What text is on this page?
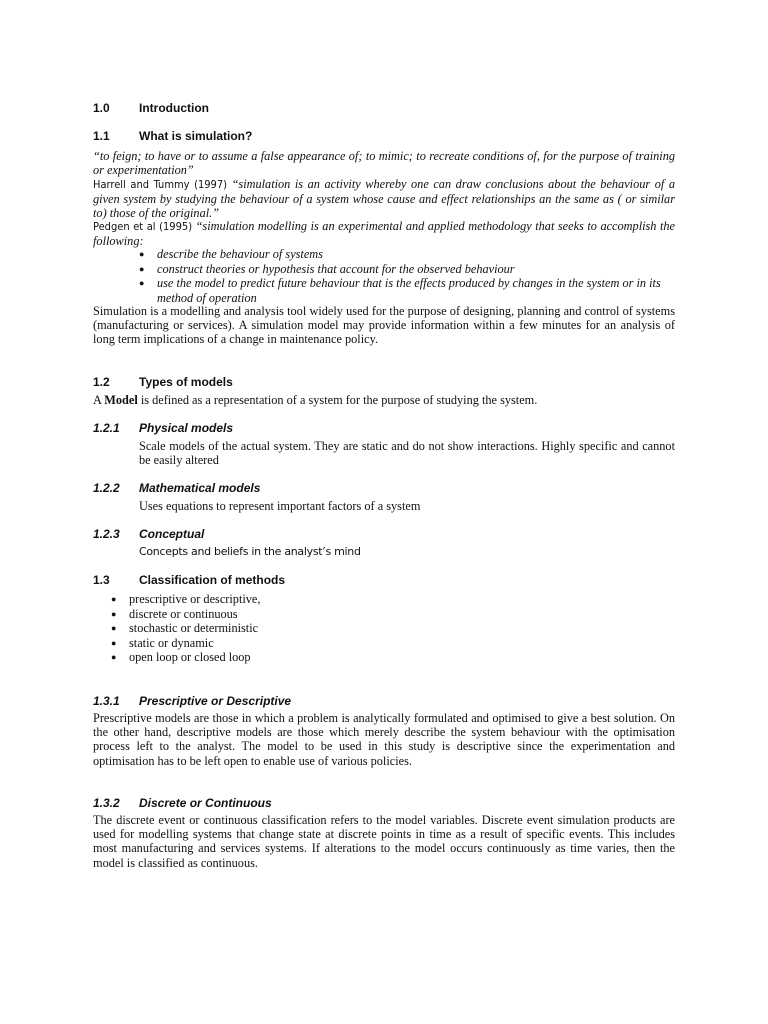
1.0 Introduction
1.1 What is simulation?
“to feign; to have or to assume a false appearance of; to mimic; to recreate conditions of, for the purpose of training or experimentation”
Harrell and Tummy (1997) “simulation is an activity whereby one can draw conclusions about the behaviour of a given system by studying the behaviour of a system whose cause and effect relationships an the same as ( or similar to) those of the original.”
Pedgen et al (1995) “simulation modelling is an experimental and applied methodology that seeks to accomplish the following:
● describe the behaviour of systems
● construct theories or hypothesis that account for the observed behaviour
● use the model to predict future behaviour that is the effects produced by changes in the system or in its method of operation
Simulation is a modelling and analysis tool widely used for the purpose of designing, planning and control of systems (manufacturing or services). A simulation model may provide information within a few minutes for an analysis of long term implications of a change in maintenance policy.
1.2 Types of models
A Model is defined as a representation of a system for the purpose of studying the system.
1.2.1 Physical models
Scale models of the actual system. They are static and do not show interactions. Highly specific and cannot be easily altered
1.2.2 Mathematical models
Uses equations to represent important factors of a system
1.2.3 Conceptual
Concepts and beliefs in the analyst’s mind
1.3 Classification of methods
● prescriptive or descriptive,
● discrete or continuous
● stochastic or deterministic
● static or dynamic
● open loop or closed loop
1.3.1 Prescriptive or Descriptive
Prescriptive models are those in which a problem is analytically formulated and optimised to give a best solution. On the other hand, descriptive models are those which merely describe the system behaviour with the optimisation process left to the analyst. The model to be used in this study is descriptive since the experimentation and optimisation has to be left open to enable use of various policies.
1.3.2 Discrete or Continuous
The discrete event or continuous classification refers to the model variables. Discrete event simulation products are used for modelling systems that change state at discrete points in time as a result of specific events. This includes most manufacturing and services systems. If alterations to the model occurs continuously as time varies, then the model is classified as continuous.
